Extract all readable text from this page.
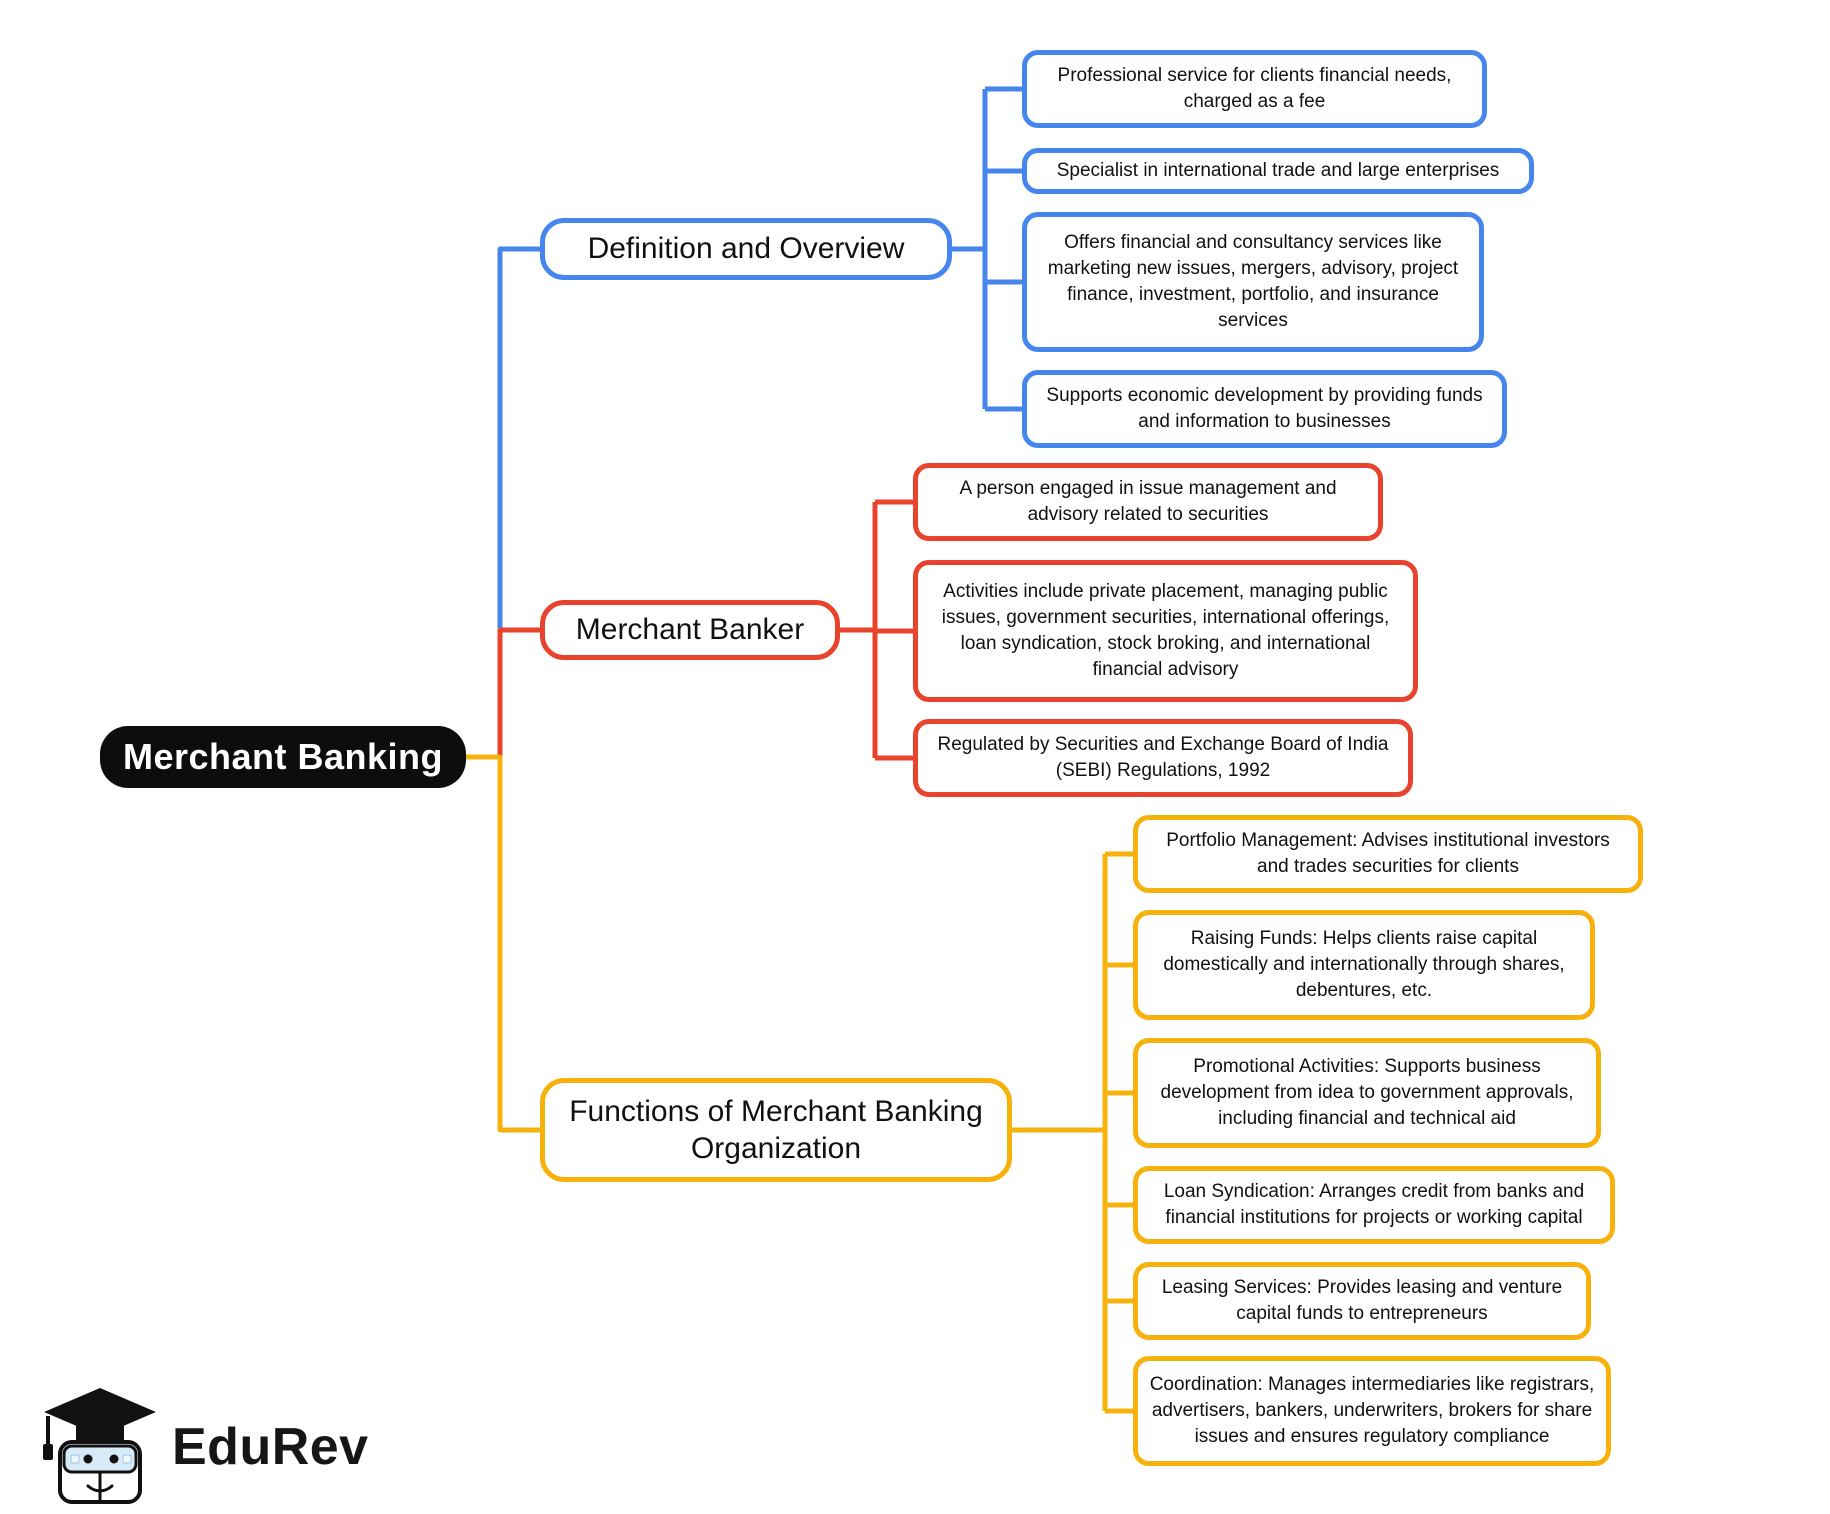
Merchant Banking
Definition and Overview
Merchant Banker
Functions of Merchant Banking Organization
Professional service for clients financial needs, charged as a fee
Specialist in international trade and large enterprises
Offers financial and consultancy services like marketing new issues, mergers, advisory, project finance, investment, portfolio, and insurance services
Supports economic development by providing funds and information to businesses
A person engaged in issue management and advisory related to securities
Activities include private placement, managing public issues, government securities, international offerings, loan syndication, stock broking, and international financial advisory
Regulated by Securities and Exchange Board of India (SEBI) Regulations, 1992
Portfolio Management: Advises institutional investors and trades securities for clients
Raising Funds: Helps clients raise capital domestically and internationally through shares, debentures, etc.
Promotional Activities: Supports business development from idea to government approvals, including financial and technical aid
Loan Syndication: Arranges credit from banks and financial institutions for projects or working capital
Leasing Services: Provides leasing and venture capital funds to entrepreneurs
Coordination: Manages intermediaries like registrars, advertisers, bankers, underwriters, brokers for share issues and ensures regulatory compliance
EduRev
